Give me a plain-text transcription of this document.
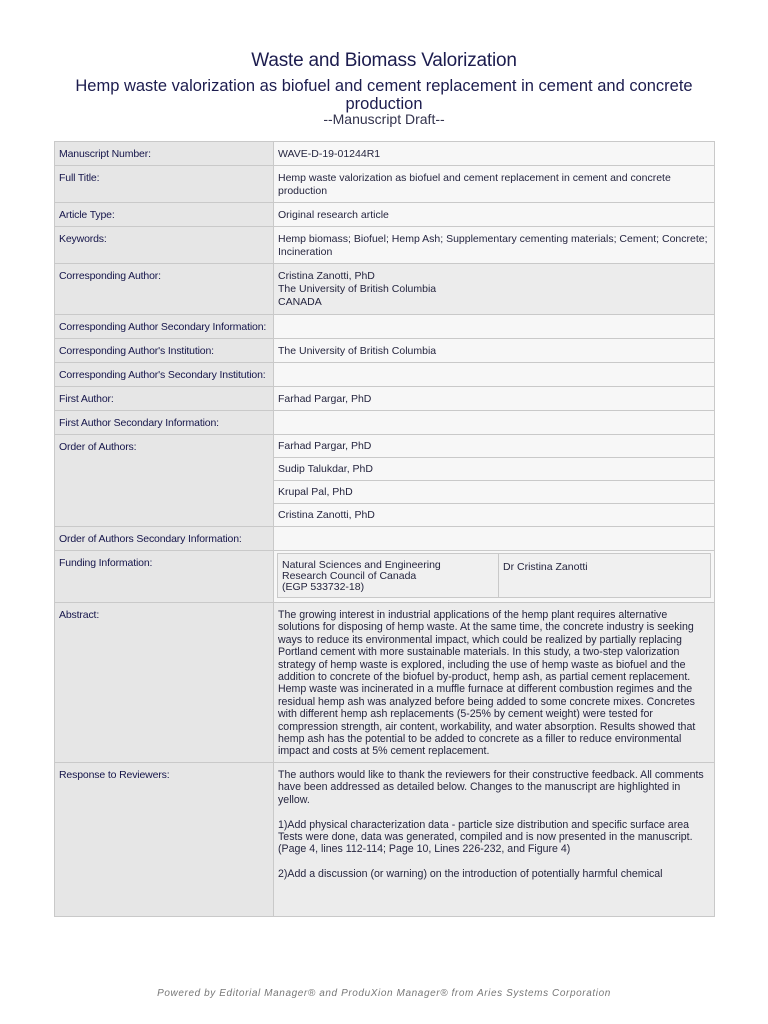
Waste and Biomass Valorization
Hemp waste valorization as biofuel and cement replacement in cement and concrete production
--Manuscript Draft--
Manuscript Number:	WAVE-D-19-01244R1
Full Title:	Hemp waste valorization as biofuel and cement replacement in cement and concrete production
Article Type:	Original research article
Keywords:	Hemp biomass; Biofuel; Hemp Ash; Supplementary cementing materials; Cement; Concrete; Incineration
Corresponding Author:	Cristina Zanotti, PhD
The University of British Columbia
CANADA
Corresponding Author Secondary Information:	
Corresponding Author's Institution:	The University of British Columbia
Corresponding Author's Secondary Institution:	
First Author:	Farhad Pargar, PhD
First Author Secondary Information:	
Order of Authors:	Farhad Pargar, PhD
Sudip Talukdar, PhD
Krupal Pal, PhD
Cristina Zanotti, PhD
Order of Authors Secondary Information:	
Funding Information:		Natural Sciences and Engineering
Research Council of Canada
(EGP 533732-18)	Dr Cristina Zanotti

Abstract:	The growing interest in industrial applications of the hemp plant requires alternative solutions for disposing of hemp waste. At the same time, the concrete industry is seeking ways to reduce its environmental impact, which could be realized by partially replacing Portland cement with more sustainable materials. In this study, a two-step valorization strategy of hemp waste is explored, including the use of hemp waste as biofuel and the addition to concrete of the biofuel by-product, hemp ash, as partial cement replacement.
Hemp waste was incinerated in a muffle furnace at different combustion regimes and the residual hemp ash was analyzed before being added to some concrete mixes. Concretes with different hemp ash replacements (5-25% by cement weight) were tested for compression strength, air content, workability, and water absorption. Results showed that hemp ash has the potential to be added to concrete as a filler to reduce environmental impact and costs at 5% cement replacement.
Response to Reviewers:	The authors would like to thank the reviewers for their constructive feedback. All comments have been addressed as detailed below. Changes to the manuscript are highlighted in yellow.

1)Add physical characterization data - particle size distribution and specific surface area
Tests were done, data was generated, compiled and is now presented in the manuscript.(Page 4, lines 112-114; Page 10, Lines 226-232, and Figure 4)

2)Add a discussion (or warning) on the introduction of potentially harmful chemical
Powered by Editorial Manager® and ProduXion Manager® from Aries Systems Corporation
